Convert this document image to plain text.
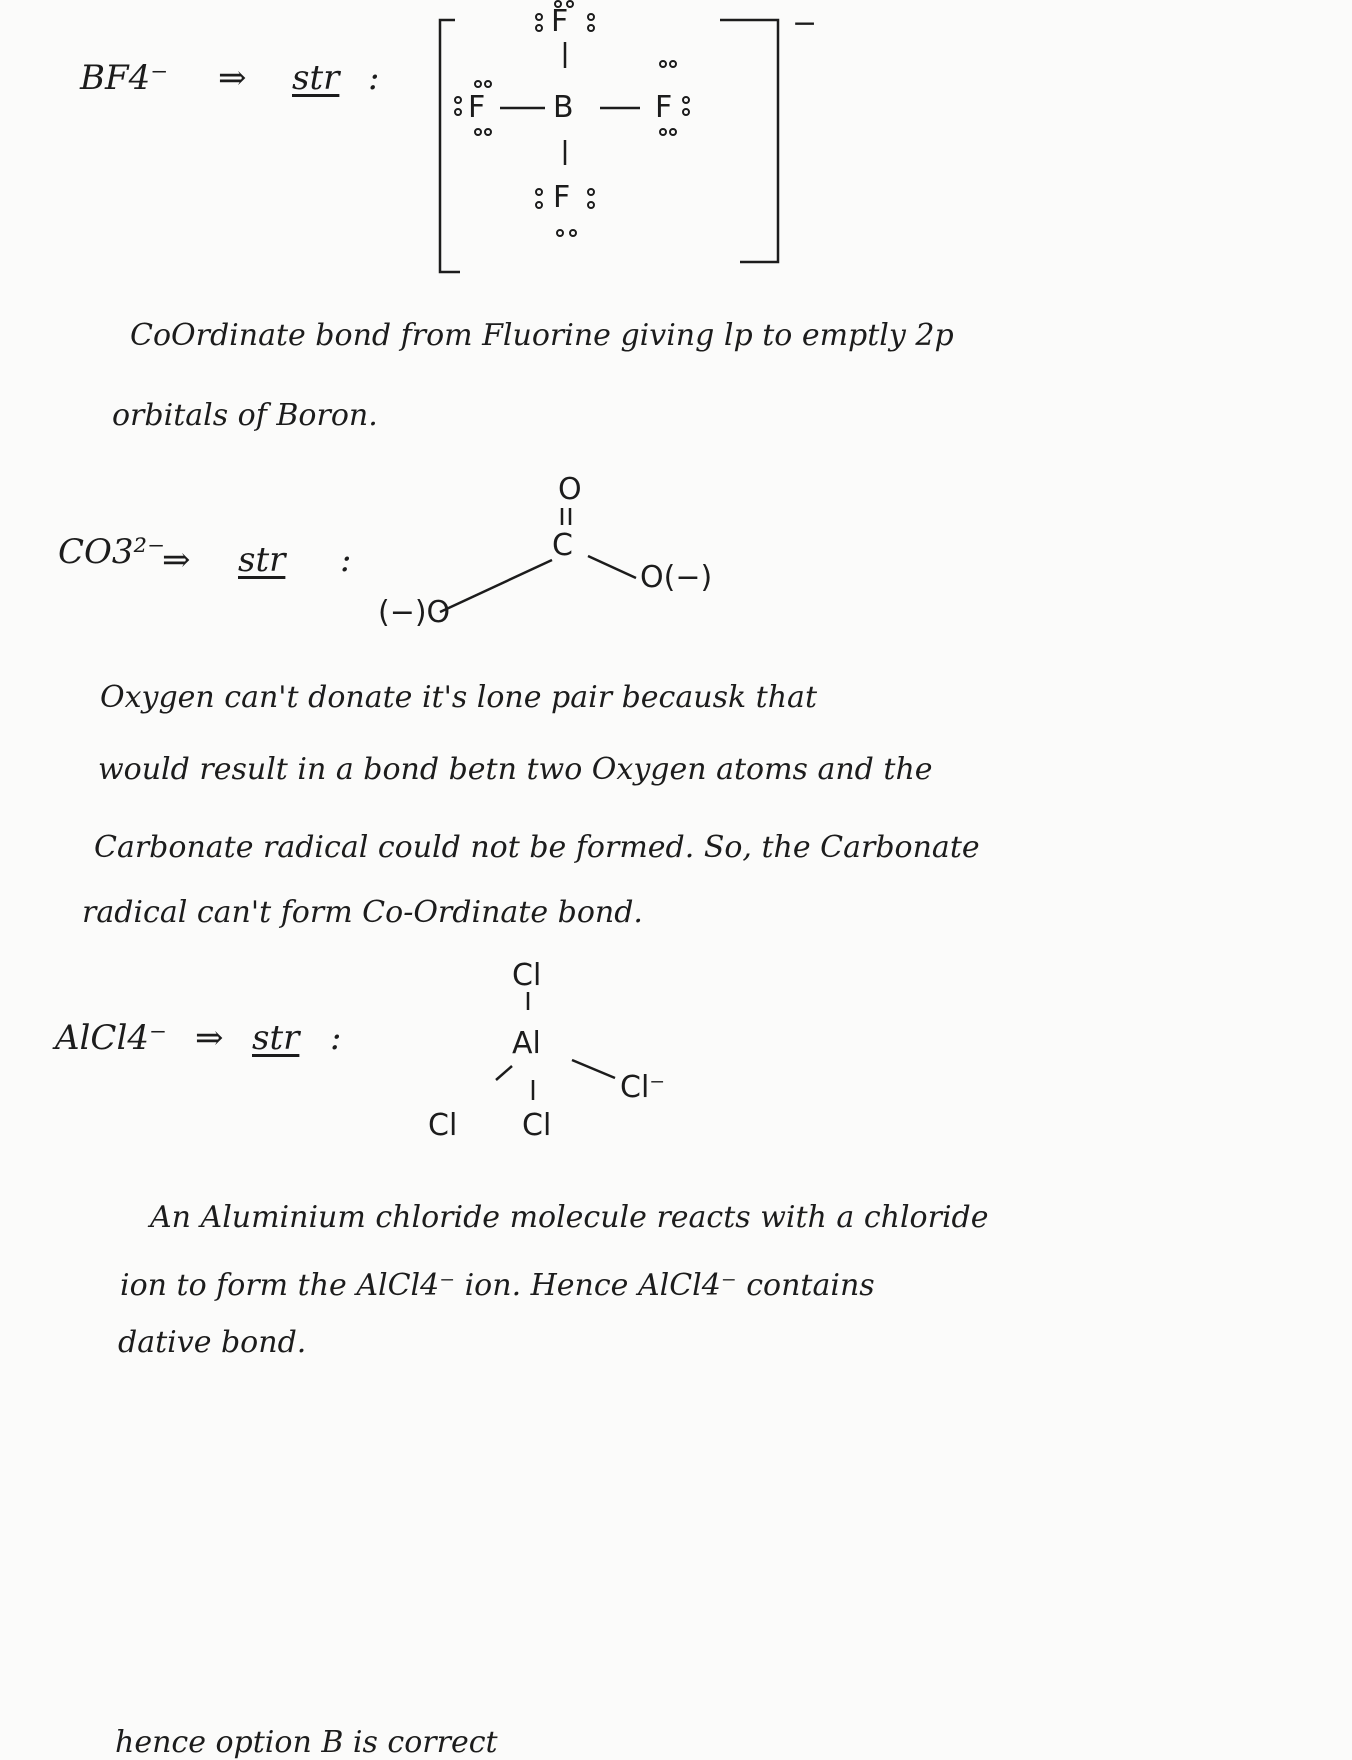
BF4⁻ ⇒ str :
−
F
F B	F
F
CoOrdinate bond from Fluorine giving lp to emptly 2p
orbitals of Boron.
CO3²⁻
⇒ str :
O
C
O(−)
(−)O
Oxygen can't donate it's lone pair becausk that
would result in a bond betn two Oxygen atoms and the
Carbonate radical could not be formed. So, the Carbonate
radical can't form Co-Ordinate bond.
AlCl4⁻ ⇒ str :
Cl
Al
Cl⁻
Cl Cl
An Aluminium chloride molecule reacts with a chloride
ion to form the AlCl4⁻ ion. Hence AlCl4⁻ contains
dative bond.
hence option B is correct
